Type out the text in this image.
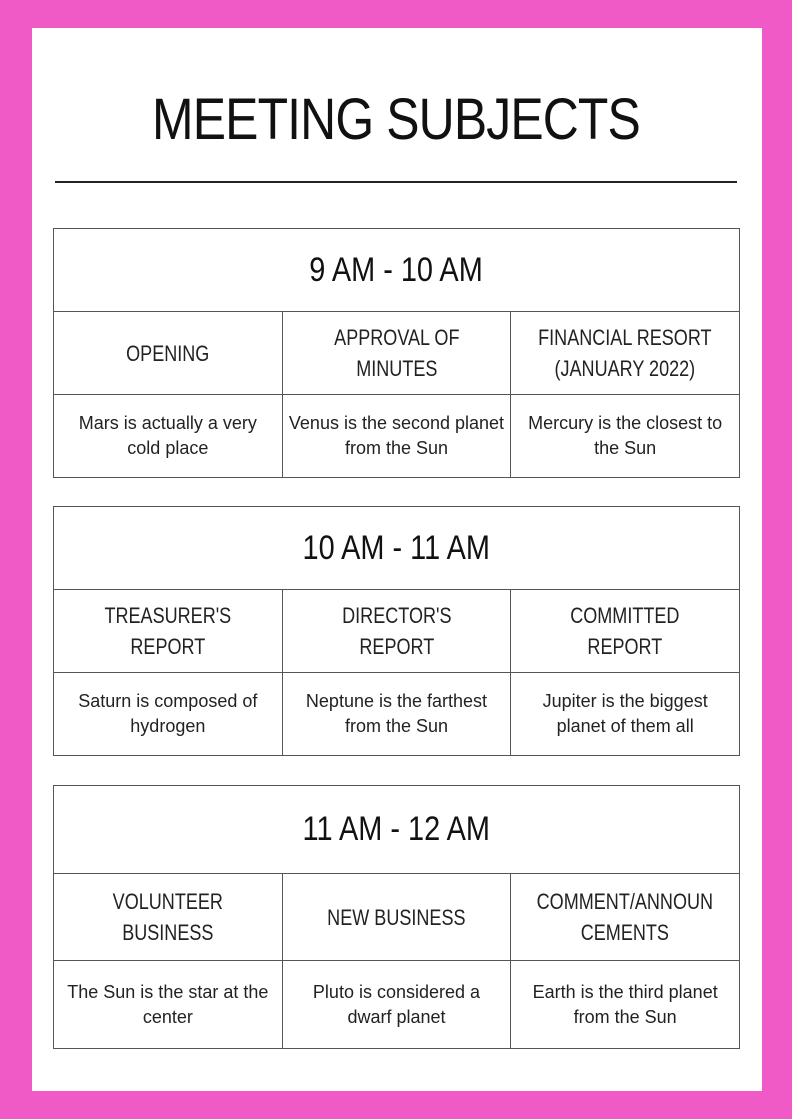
MEETING SUBJECTS
9 AM - 10 AM		
OPENING	APPROVAL OF MINUTES	FINANCIAL RESORT (JANUARY 2022)
Mars is actually a very cold place	Venus is the second planet from the Sun	Mercury is the closest to the Sun
10 AM - 11 AM		
TREASURER'S REPORT	DIRECTOR'S REPORT	COMMITTED REPORT
Saturn is composed of hydrogen	Neptune is the farthest from the Sun	Jupiter is the biggest planet of them all
11 AM - 12 AM		
VOLUNTEER BUSINESS	NEW BUSINESS	COMMENT/ANNOUNCEMENTS
The Sun is the star at the center	Pluto is considered a dwarf planet	Earth is the third planet from the Sun
